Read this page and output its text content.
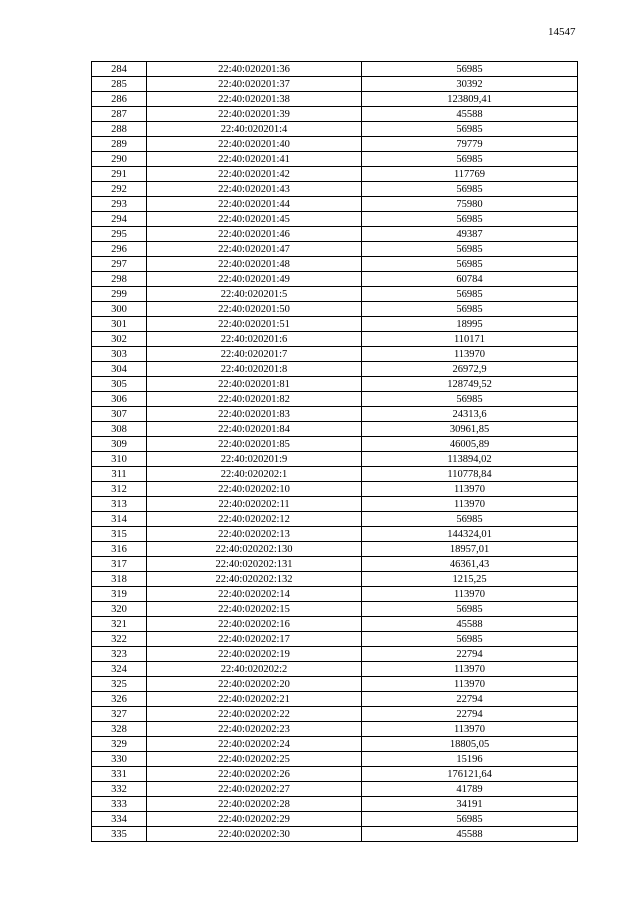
14547
284	22:40:020201:36	56985
285	22:40:020201:37	30392
286	22:40:020201:38	123809,41
287	22:40:020201:39	45588
288	22:40:020201:4	56985
289	22:40:020201:40	79779
290	22:40:020201:41	56985
291	22:40:020201:42	117769
292	22:40:020201:43	56985
293	22:40:020201:44	75980
294	22:40:020201:45	56985
295	22:40:020201:46	49387
296	22:40:020201:47	56985
297	22:40:020201:48	56985
298	22:40:020201:49	60784
299	22:40:020201:5	56985
300	22:40:020201:50	56985
301	22:40:020201:51	18995
302	22:40:020201:6	110171
303	22:40:020201:7	113970
304	22:40:020201:8	26972,9
305	22:40:020201:81	128749,52
306	22:40:020201:82	56985
307	22:40:020201:83	24313,6
308	22:40:020201:84	30961,85
309	22:40:020201:85	46005,89
310	22:40:020201:9	113894,02
311	22:40:020202:1	110778,84
312	22:40:020202:10	113970
313	22:40:020202:11	113970
314	22:40:020202:12	56985
315	22:40:020202:13	144324,01
316	22:40:020202:130	18957,01
317	22:40:020202:131	46361,43
318	22:40:020202:132	1215,25
319	22:40:020202:14	113970
320	22:40:020202:15	56985
321	22:40:020202:16	45588
322	22:40:020202:17	56985
323	22:40:020202:19	22794
324	22:40:020202:2	113970
325	22:40:020202:20	113970
326	22:40:020202:21	22794
327	22:40:020202:22	22794
328	22:40:020202:23	113970
329	22:40:020202:24	18805,05
330	22:40:020202:25	15196
331	22:40:020202:26	176121,64
332	22:40:020202:27	41789
333	22:40:020202:28	34191
334	22:40:020202:29	56985
335	22:40:020202:30	45588
